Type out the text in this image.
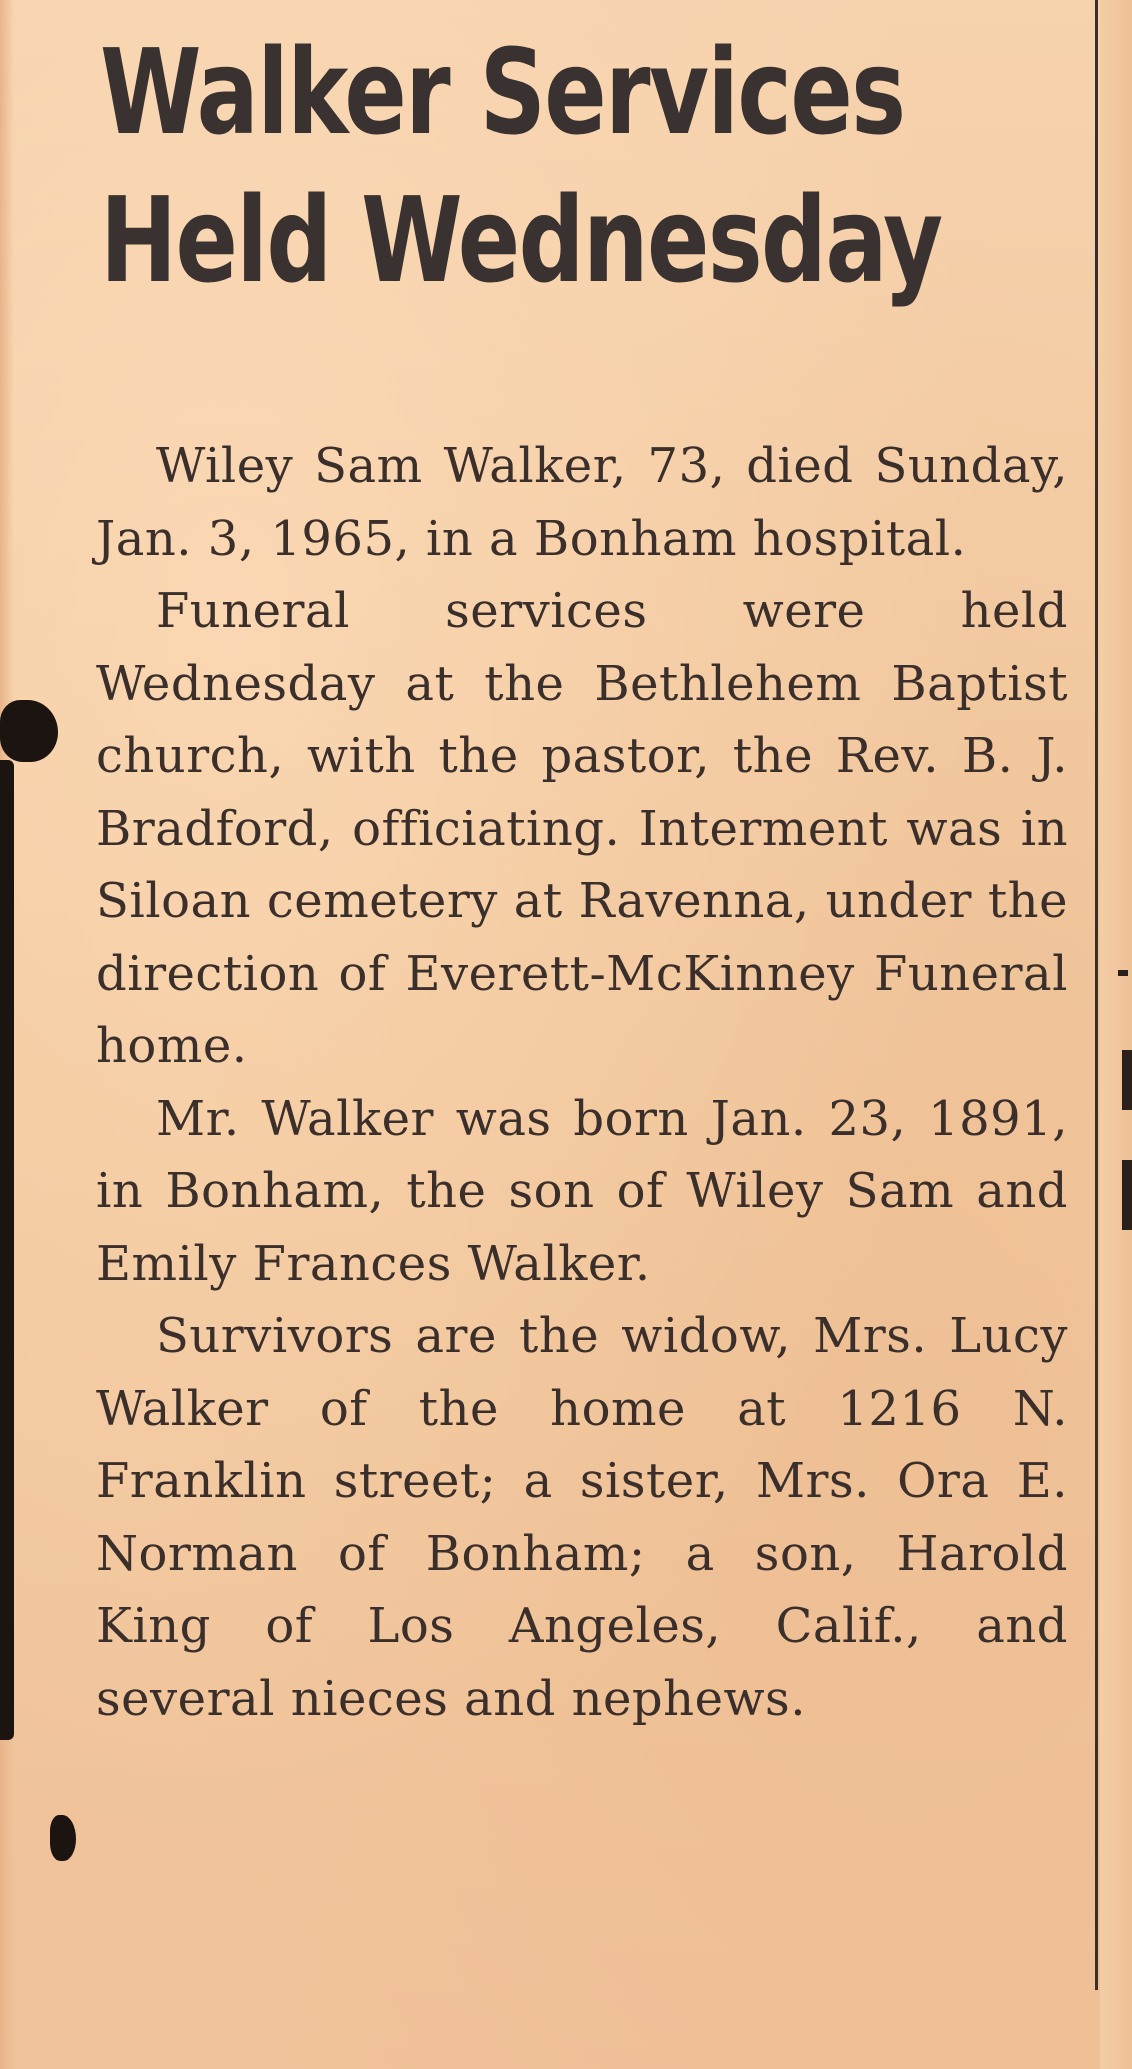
Walker Services
Held Wednesday

Wiley Sam Walker, 73, died Sunday, Jan. 3, 1965, in a Bonham hospital.

Funeral services were held Wednesday at the Bethlehem Baptist church, with the pastor, the Rev. B. J. Bradford, officiating. Interment was in Siloan cemetery at Ravenna, under the direction of Everett-McKinney Funeral home.

Mr. Walker was born Jan. 23, 1891, in Bonham, the son of Wiley Sam and Emily Frances Walker.

Survivors are the widow, Mrs. Lucy Walker of the home at 1216 N. Franklin street; a sister, Mrs. Ora E. Norman of Bonham; a son, Harold King of Los Angeles, Calif., and several nieces and nephews.
